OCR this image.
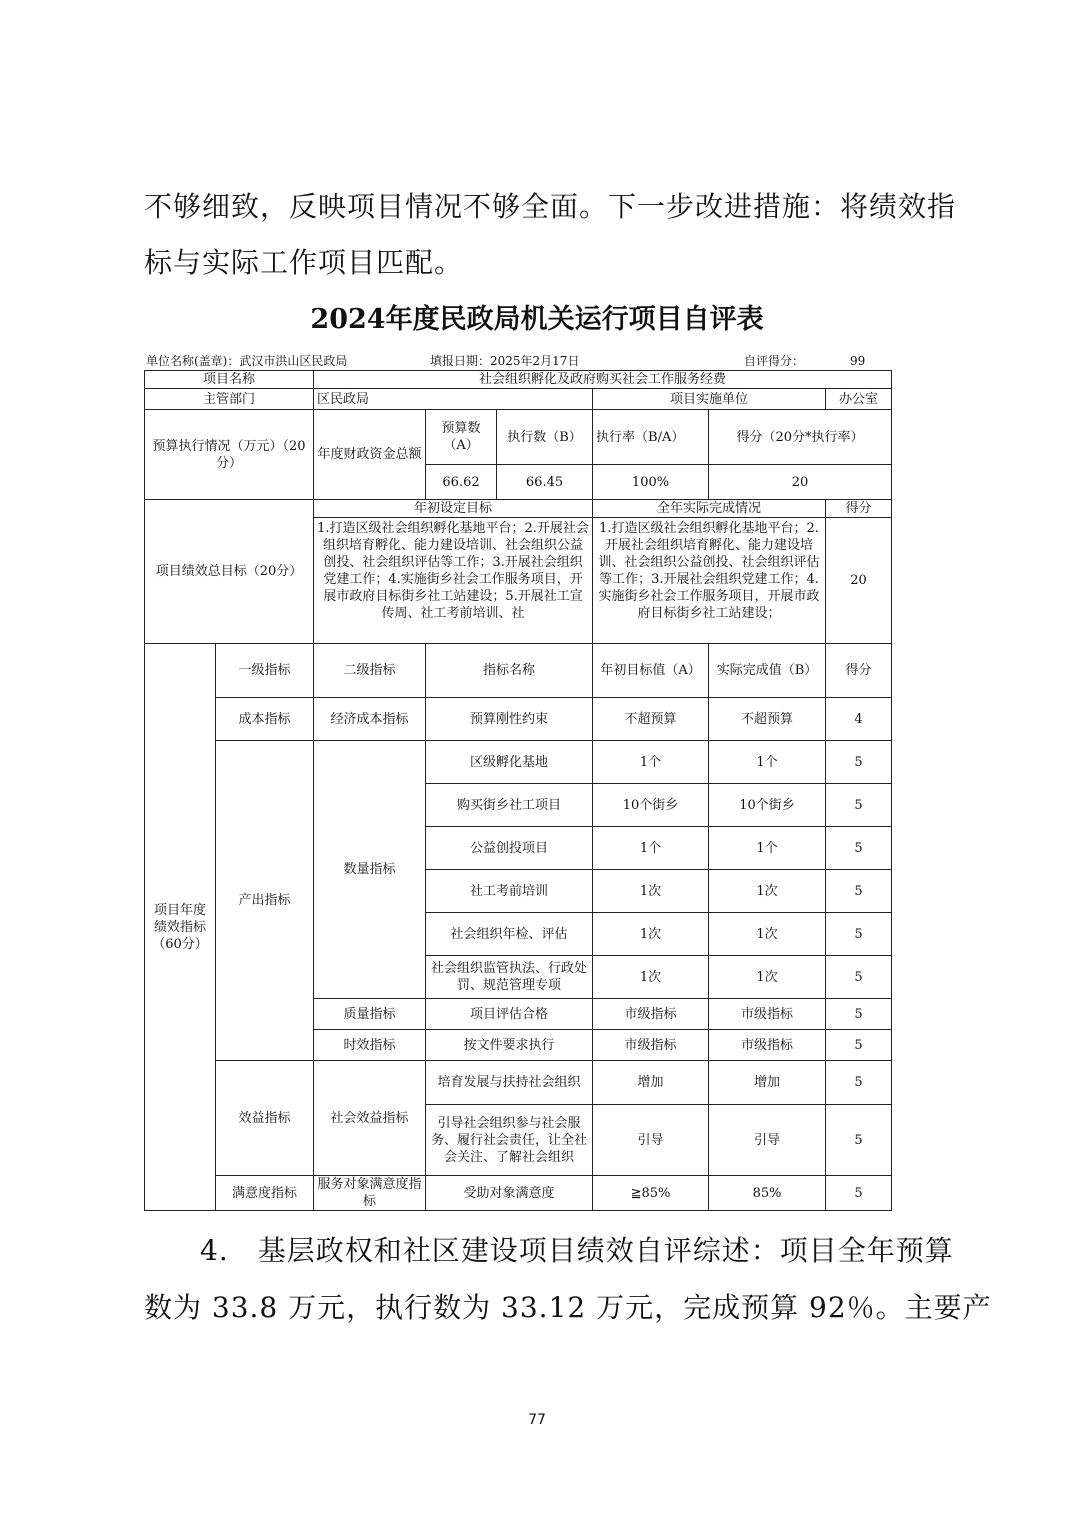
不够细致，反映项目情况不够全面。下一步改进措施：将绩效指
标与实际工作项目匹配。
2024年度民政局机关运行项目自评表
单位名称(盖章)：武汉市洪山区民政局	填报日期：2025年2月17日	自评得分：	99
项目名称		社会组织孵化及政府购买社会工作服务经费					
主管部门		区民政局			项目实施单位		办公室
预算执行情况（万元）（20分）		年度财政资金总额	预算数（A）	执行数（B）	执行率（B/A）	得分（20分*执行率）	
			66.62	66.45	100%	20	
项目绩效总目标（20分）		年初设定目标			全年实际完成情况		得分

		1.打造区级社会组织孵化基地平台；2.开展社会组织培育孵化、能力建设培训、社会组织公益创投、社会组织评估等工作；3.开展社会组织党建工作；4.实施街乡社会工作服务项目，开展市政府目标街乡社工站建设；5.开展社工宣传周、社工考前培训、社			1.打造区级社会组织孵化基地平台；2.开展社会组织培育孵化、能力建设培训、社会组织公益创投、社会组织评估等工作；3.开展社会组织党建工作；4.实施街乡社会工作服务项目，开展市政府目标街乡社工站建设；		20
项目年度绩效指标（60分）	一级指标	二级指标	指标名称		年初目标值（A）	实际完成值（B）	得分
	成本指标	经济成本指标	预算刚性约束		不超预算	不超预算	4
	产出指标	数量指标	区级孵化基地		1个	1个	5
			购买街乡社工项目		10个街乡	10个街乡	5
			公益创投项目		1个	1个	5
			社工考前培训		1次	1次	5
			社会组织年检、评估		1次	1次	5
			社会组织监管执法、行政处罚、规范管理专项		1次	1次	5
		质量指标	项目评估合格		市级指标	市级指标	5
		时效指标	按文件要求执行		市级指标	市级指标	5
	效益指标	社会效益指标	培育发展与扶持社会组织		增加	增加	5
			引导社会组织参与社会服务、履行社会责任，让全社会关注、了解社会组织		引导	引导	5
	满意度指标	服务对象满意度指标	受助对象满意度		≧85%	85%	5
4.　基层政权和社区建设项目绩效自评综述：项目全年预算
数为 33.8 万元，执行数为 33.12 万元，完成预算 92％。主要产
77
